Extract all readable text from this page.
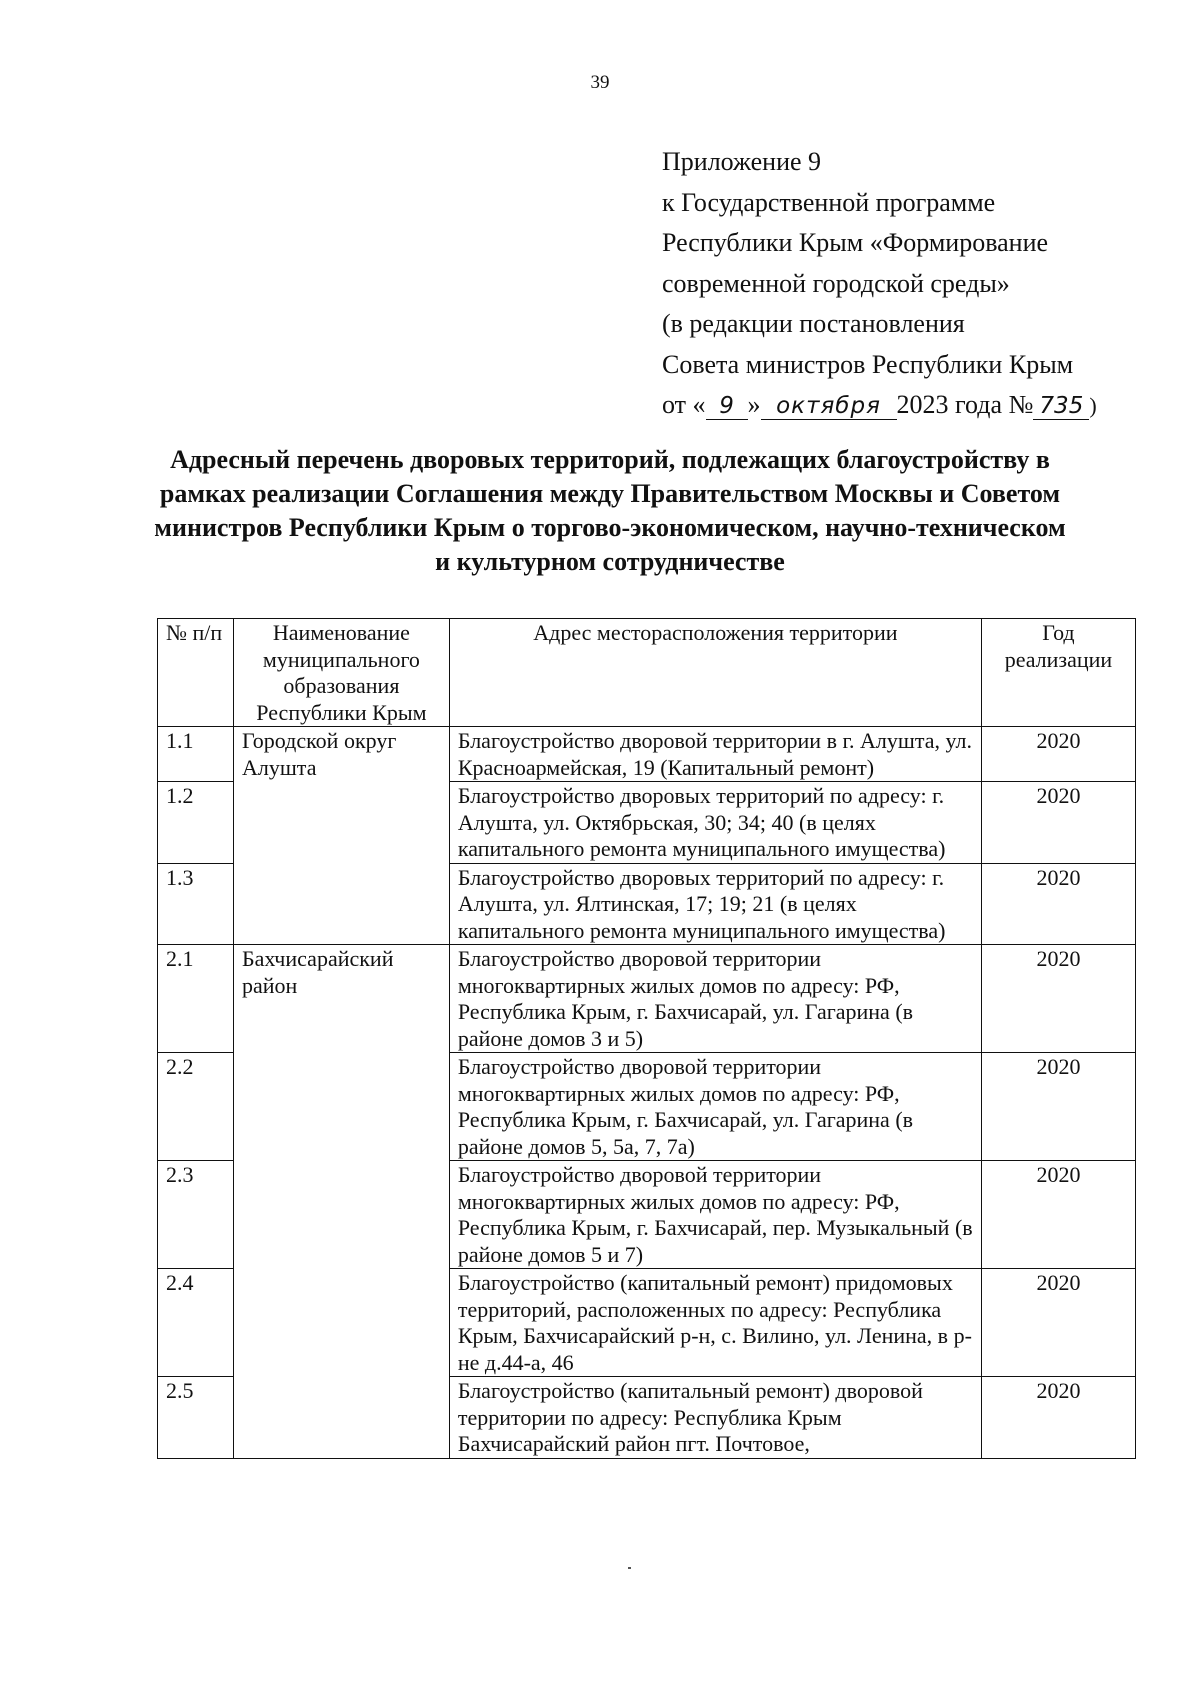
39
Приложение 9
к Государственной программе
Республики Крым «Формирование
современной городской среды»
(в редакции постановления
Совета министров Республики Крым
от « 9 » октября 2023 года № 735 )
Адресный перечень дворовых территорий, подлежащих благоустройству в рамках реализации Соглашения между Правительством Москвы и Советом министров Республики Крым о торгово-экономическом, научно-техническом и культурном сотрудничестве
№ п/п	Наименование муниципального образования Республики Крым	Адрес месторасположения территории	Год реализации
1.1	Городской округ Алушта	Благоустройство дворовой территории в г. Алушта, ул. Красноармейская, 19 (Капитальный ремонт)	2020
1.2		Благоустройство дворовых территорий по адресу: г. Алушта, ул. Октябрьская, 30; 34; 40 (в целях капитального ремонта муниципального имущества)	2020
1.3		Благоустройство дворовых территорий по адресу: г. Алушта, ул. Ялтинская, 17; 19; 21 (в целях капитального ремонта муниципального имущества)	2020
2.1	Бахчисарайский район	Благоустройство дворовой территории многоквартирных жилых домов по адресу: РФ, Республика Крым, г. Бахчисарай, ул. Гагарина (в районе домов 3 и 5)	2020
2.2		Благоустройство дворовой территории многоквартирных жилых домов по адресу: РФ, Республика Крым, г. Бахчисарай, ул. Гагарина (в районе домов 5, 5а, 7, 7а)	2020
2.3		Благоустройство дворовой территории многоквартирных жилых домов по адресу: РФ, Республика Крым, г. Бахчисарай, пер. Музыкальный (в районе домов 5 и 7)	2020
2.4		Благоустройство (капитальный ремонт) придомовых территорий, расположенных по адресу: Республика Крым, Бахчисарайский р-н, с. Вилино, ул. Ленина, в р-не д.44-а, 46	2020
2.5		Благоустройство (капитальный ремонт) дворовой территории по адресу: Республика Крым Бахчисарайский район пгт. Почтовое,	2020
